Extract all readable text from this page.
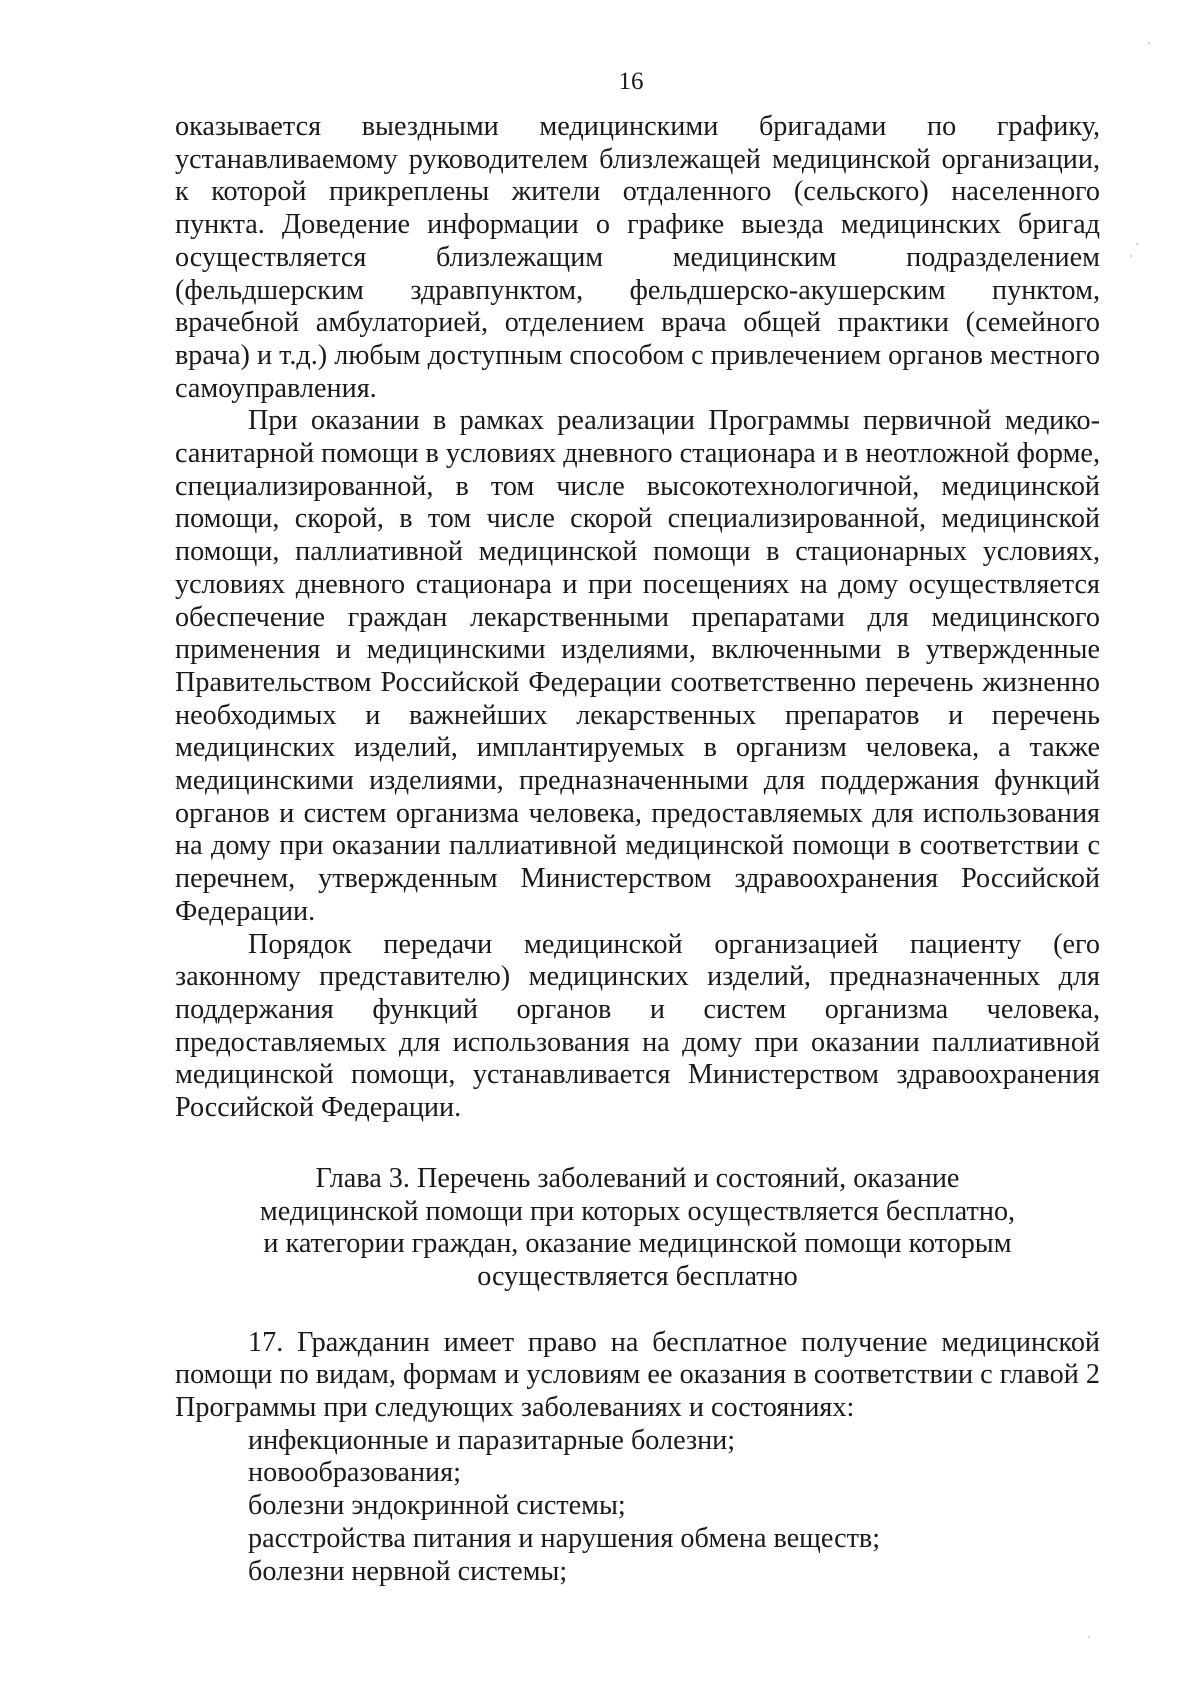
16

оказывается выездными медицинскими бригадами по графику, устанавливаемому руководителем близлежащей медицинской организации, к которой прикреплены жители отдаленного (сельского) населенного пункта. Доведение информации о графике выезда медицинских бригад осуществляется близлежащим медицинским подразделением (фельдшерским здравпунктом, фельдшерско-акушерским пунктом, врачебной амбулаторией, отделением врача общей практики (семейного врача) и т.д.) любым доступным способом с привлечением органов местного самоуправления.

При оказании в рамках реализации Программы первичной медико-санитарной помощи в условиях дневного стационара и в неотложной форме, специализированной, в том числе высокотехнологичной, медицинской помощи, скорой, в том числе скорой специализированной, медицинской помощи, паллиативной медицинской помощи в стационарных условиях, условиях дневного стационара и при посещениях на дому осуществляется обеспечение граждан лекарственными препаратами для медицинского применения и медицинскими изделиями, включенными в утвержденные Правительством Российской Федерации соответственно перечень жизненно необходимых и важнейших лекарственных препаратов и перечень медицинских изделий, имплантируемых в организм человека, а также медицинскими изделиями, предназначенными для поддержания функций органов и систем организма человека, предоставляемых для использования на дому при оказании паллиативной медицинской помощи в соответствии с перечнем, утвержденным Министерством здравоохранения Российской Федерации.

Порядок передачи медицинской организацией пациенту (его законному представителю) медицинских изделий, предназначенных для поддержания функций органов и систем организма человека, предоставляемых для использования на дому при оказании паллиативной медицинской помощи, устанавливается Министерством здравоохранения Российской Федерации.

Глава 3. Перечень заболеваний и состояний, оказание
медицинской помощи при которых осуществляется бесплатно,
и категории граждан, оказание медицинской помощи которым
осуществляется бесплатно

17. Гражданин имеет право на бесплатное получение медицинской помощи по видам, формам и условиям ее оказания в соответствии с главой 2 Программы при следующих заболеваниях и состояниях:

инфекционные и паразитарные болезни;
новообразования;
болезни эндокринной системы;
расстройства питания и нарушения обмена веществ;
болезни нервной системы;
